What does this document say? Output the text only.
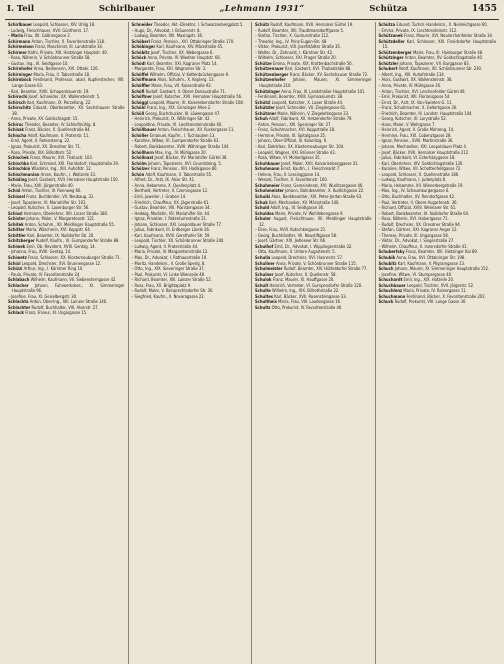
I. Teil	Schirlbauer	„Lehmann 1931“	Schütza	1455

Schirlbauer Leopold, Schlosser, XIV. Uhlig 18.

– Ludwig, Fleischhauer, XVII. Güntherst. 17.

– Maria Frau, XII. Gaßnergasse 2.

Schirmann Anton, Tischler, X. Favoritenstraße 118.

Schirmeisen Franz, Maschinist, III. Landstraße 34.

Schirmer Kathi, Private, XIII. Hietzinger Hauptstr. 40.

– Rosa, Näherin, V. Schönbrunner Straße 58.

– Gustav, Ing., III. Seidlgasse 10.

Schirnhofer Anna, Bedienerin, XVI. Ottakr. 126.

Schirninger Maria, Frau, II. Taborstraße 18.

Schirnböck Ferdinand, Professor, akad. Kupferstecher, VIII. Lange Gasse 63.

– Karl, Beamter, XVIII. Schopenhauerstr. 19.

Schirochi Josef, Schneider, XX. Wallensteinstr. 5.

Schirsch Karl, Kaufmann, IX. Porzellang. 22.

Schirschitz Eduard, Oberbeamter, XV. Sechshauser Straße 38.

– Anna, Private, XV. Goldschlagstr. 15.

Schiruc Theodor, Beamter, IV. Schleifmühlg. 8.

Schisak Franz, Bäcker, X. Quellenstraße 84.

Schischa Adolf, Kaufmann, II. Praterstr. 11.

– Emil, Agent, II. Rotensterng. 22.

– Ignaz, Prokurist, XX. Dresdner Str. 71.

– Rosa, Private, XIX. Billrothstr. 52.

Schischek Franz, Maurer, XVI. Thaliastr. 103.

Schischka Karl, Schmied, XXI. Floridsdorf, Hauptstraße 29.

Schischkin Wladimir, Ing., XIII. Auhofstr. 12.

Schischmanian Arsen, Kaufm., I. Wollzeile 33.

Schisling Josef, Gastwirt, XVII. Hernalser Hauptstraße 150.

– Marie, Frau, XVII. Jörgerstraße 40.

Schisl Anton, Tischler, III. Rennweg 66.

Schissel Franz, Buchbinder, VII. Neubaug. 31.

– Josef, Tapezierer, VI. Mariahilfer Str. 101.

– Leopold, Kutscher, X. Laxenburger Str. 56.

Schissl Hermann, Oberlehrer, XIII. Linzer Straße 180.

Schister Johann, Maler, V. Margaretenstr. 121.

Schitek Anton, Schuhm., XII. Meidlinger Hauptstraße 55.

Schitter Maria, Wäscherin, XVI. Koppstr. 64.

Schittler Karl, Beamter, IX. Nußdorfer Str. 20.

Schitzberger Rudolf, Kaufm., VI. Gumpendorfer Straße 88.

Schiwek Emil, Ob.-Revident, XVIII. Gentzg. 14.

– Johanna, Frau, XVIII. Gentzg. 14.

Schiwetz Franz, Schlosser, XX. Klosterneuburger Straße 71.

Schixl Leopold, Drechsler, XVI. Brunnengasse 12.

Schizzi Arthur, Ing., I. Kärntner Ring 10.

– Paula, Private, IV. Favoritenstraße 24.

Schlabach Wilhelm, Kaufmann, VII. Siebensterngasse 42.

Schlacher Johann, Fuhrwerksbes., XI. Simmeringer Hauptstraße 96.

– Josefine, Frau, XI. Geiselbergstr. 30.

Schlachta Anton, Ober-Ing., XIII. Lainzer Straße 140.

Schlachter Rudolf, Buchhalter, VIII. Alserstr. 27.

Schlack Franz, Friseur, III. Ungargasse 15.

Schneider Theodor, Akt.-Direktor, I. Schwarzenbergplatz 5.

– Hugo, Dr., Advokat, I. Bräunerstr. 8.

– Ludwig, Beamter, XIII. Maxingstr. 36.

Schöberl Franz, Pension., XVI. Ottakringer Straße 170.

Schöbinger Karl, Kaufmann, XIV. Märzstraße 45.

Schöbitz Josef, Tischler, XX. Webergasse 6.

Schöck Anna, Private, IV. Wiedner Hauptstr. 66.

Schödl Karl, Beamter, XXI. Kagraner Platz 14.

– Margarete, Frau, XXI. Wagramer Str. 3.

Schöffel Wilhelm, Offizial, V. Kettenbrückengasse 9.

Schöffmann Alois, Schuhm., X. Keplerg. 13.

Schöffler Marie, Frau, VII. Kaiserstraße 92.

Schöfl Rudolf, Gastwirt, II. Obere Donaustraße 71.

Schöftner Josef, Kutscher, XVII. Hernalser Hauptstraße 56.

Schöggl Leopold, Maurer, XI. Kaiserebersdorfer Straße 108.

Schöhl Franz, Ing., XIX. Grinzinger Allee 2.

Schöll Georg, Buchdrucker, III. Löwengasse 47.

– Heinrich, Prokurist, IX. Währinger Str. 42.

– Leopoldine, Private, IX. Liechtensteinstraße 60.

Schöllbauer Anton, Fleischhauer, XII. Ruckergasse 11.

Schöller Emanuel, Kaufm., I. Tuchlauben 13.

– Karoline, Witwe, VI. Gumpendorfer Straße 63.

– Robert, Bankbeamter, XVIII. Währinger Straße 144.

Schöllhorn Max, Ing., IV. Mühlgasse 20.

Schöllnast Josef, Bäcker, XV. Mariahilfer Gürtel 38.

Schölm Johann, Tapezierer, XVI. Grundsteing. 5.

Schölzer Franz, Pension., XIII. Hadikgasse 80.

Schön Adolf, Kaufmann, II. Taborstraße 55.

– Alfred, Dr., Arzt, IX. Alser Str. 41.

– Anna, Hebamme, X. Quellenplatz 4.

– Berthold, Vertreter, II. Czerningasse 12.

– Emil, Juwelier, I. Graben 14.

– Friedrich, Chauffeur, XX. Jägerstraße 61.

– Gustav, Beamter, VIII. Piaristengasse 34.

– Hedwig, Modistin, VII. Mariahilfer Str. 44.

– Ignaz, Privatier, I. Rotenturmstraße 21.

– Johann, Schlosser, XXI. Leopoldauer Straße 77.

– Julius, Fabrikant, III. Erdberger Lände 26.

– Karl, Kaufmann, XVIII. Gersthofer Str. 59.

– Leopold, Tischler, XII. Schönbrunner Straße 240.

– Ludwig, Agent, II. Praterstraße 44.

– Maria, Private, IV. Margaretenstraße 12.

– Max, Dr., Advokat, I. Rathausstraße 19.

– Moritz, Handelsm., II. Große Sperlg. 8.

– Otto, Ing., XIX. Sieveringer Straße 37.

– Paul, Prokurist, VI. Linke Wienzeile 48.

– Richard, Beamter, XIII. Lainzer Straße 52.

– Rosa, Frau, XX. Brigittaplatz 9.

– Rudolf, Maler, V. Reinprechtsdorfer Str. 30.

– Siegfried, Kaufm., II. Novaragasse 22.

Schütz Rudolf, Kaufmann, XVII. Hernalser Gürtel 19.

– Rudolf, Beamter, XIII. Trauttmansdorffgasse 5.

– Stefan, Tischler, X. Gudrunstraße 112.

– Theodor, Ing., IV. Prinz-Eugen-Str. 48.

– Viktor, Prokurist, VIII. Josefstädter Straße 35.

– Walter, Dr., Zahnarzt, I. Kärntner Str. 42.

– Wilhelm, Schlosser, XXI. Prager Straße 20.

Schütze Emma, Private, XIX. Krottenbachstraße 56.

Schützenauer Karl, Gastwirt, XVI. Thaliastraße 88.

Schützenberger Franz, Bäcker, XV. Sechshauser Straße 72.

Schützenhofer Johann, Maurer, XI. Simmeringer Hauptstraße 210.

Schützinger Anna, Frau, III. Landstraßer Hauptstraße 101.

– Ferdinand, Beamter, XVIII. Gymnasiumstr. 38.

Schützl Leopold, Kutscher, X. Laaer Straße 44.

Schützler Josef, Schneider, VII. Zieglergasse 61.

Schützner Marie, Näherin, V. Ziegelofengasse 23.

Schuh Adolf, Fabrikant, XII. Hetzendorfer Straße 79.

– Anton, Pension., XIII. Speisinger Str. 27.

– Franz, Schuhmacher, XVI. Koppstraße 18.

– Hermine, Private, IX. Spitalgasse 25.

– Johann, Ober-Offizial, III. Kolonitzg. 6.

– Karl, Elektriker, XX. Klosterneuburger Str. 104.

– Leopold, Wagner, XXI. Brünner Straße 43.

– Rosa, Witwe, VI. Mollardgasse 35.

Schuhbauer Josef, Maler, XVII. Kalvarienberggasse 31.

Schuhmann Ernst, Kaufm., I. Fleischmarkt 7.

– Helene, Frau, II. Lessinggasse 14.

– Wenzel, Tischler, X. Favoritenstr. 160.

Schuhmeier Franz, Gemeinderat, XVI. Wurlitzergasse 46.

Schuhmeister Johann, Bahnbeamter, X. Kudlichgasse 22.

Schuiki Alois, Bankbeamter, XIX. Peter-Jordan-Straße 63.

Schuk Karl, Mechaniker, XV. Märzstraße 140.

Schuld Adolf, Ing., III. Seidlgasse 36.

Schuldes Marie, Private, IV. Wohllebengasse 9.

Schuler August, Fleischhauer, XII. Meidlinger Hauptstraße 12.

– Elise, Frau, XVIII. Kutschkergasse 21.

– Georg, Buchhändler, VII. Neustiftgasse 58.

– Josef, Gärtner, XXI. Jedleseer Str. 66.

Schulhof Emil, Dr., Advokat, I. Wipplingerstraße 32.

– Otto, Kaufmann, II. Untere Augartenstr. 5.

Schulla Leopold, Drechsler, XVI. Hasnerstr. 57.

Schullner Anna, Private, V. Schönbrunner Straße 115.

Schulmeister Rudolf, Beamter, XIV. Hütteldorfer Straße 77.

Schulner Josef, Kutscher, X. Quellenstr. 58.

Schulok Franz, Maurer, XI. Hauffgasse 20.

Schult Heinrich, Vertreter, VI. Gumpendorfer Straße 120.

Schulte Wilhelm, Ing., XIX. Billrothstraße 22.

Schultes Karl, Bäcker, XVII. Rosensteingasse 33.

Schultheis Maria, Frau, VIII. Laudongasse 16.

Schultz Otto, Prokurist, IV. Favoritenstraße 40.

Schütza Eduard, Tuchdr.-Handelsm., X. Neilreichgasse 60.

– Emma, Private, IX. Liechtensteinstr. 112.

Schützanek Franz, Maurer, XVI. Neulerchenfelder Straße 34.

Schützdeller Karl, Schlosser, XXI. Floridsdorfer Hauptstraße 15.

Schützenberger Marie, Frau, III. Hainburger Straße 48.

Schützinger Anton, Beamter, XV. Goldschlagstraße 40.

Schützler Johann, Tapezierer, VII. Burggasse 83.

Schubert Adolf, Kaufmann, XII. Schönbrunner Str. 230.

– Albert, Ing., XIII. Auhofstraße 134.

– Alois, Gastwirt, XX. Wallensteinstr. 38.

– Anna, Private, IV. Mühlgasse 26.

– Anton, Tischler, XVI. Lerchenfelder Gürtel 49.

– Emil, Prokurist, VIII. Florianigasse 54.

– Ernst, Dr., Arzt, IX. Van-Swieten-G. 11.

– Franz, Schuhmacher, X. Gellertgasse 30.

– Friedrich, Beamter, III. Landstr. Hauptstraße 144.

– Georg, Kutscher, XI. Lorystraße 52.

– Hans, Maler, V. Wehrgasse 7.

– Heinrich, Agent, II. Große Mohreng. 14.

– Hermine, Frau, XIX. Cobenzlgasse 28.

– Ignaz, Pension., XVIII. Martinstraße 36.

– Johann, Mechaniker, XXI. Leopoldauer Platz 4.

– Josef, Bäcker, XVII. Hernalser Hauptstraße 212.

– Julius, Fabrikant, VI. Esterházygasse 18.

– Karl, Oberlehrer, XIV. Goldschlagstraße 130.

– Karoline, Witwe, VII. Schottenfeldgasse 72.

– Leopold, Schlosser, X. Quellenstraße 186.

– Ludwig, Kaufmann, I. Judenplatz 8.

– Maria, Hebamme, XII. Wienerbergstraße 19.

– Max, Ing., IV. Schaumburgergasse 6.

– Otto, Buchhalter, XV. Reindorfgasse 42.

– Paul, Vertreter, II. Obere Augartenstr. 36.

– Richard, Offizial, XVIII. Weimarer Str. 61.

– Robert, Bankbeamter, IX. Nußdorfer Straße 64.

– Rosa, Näherin, XVI. Haberlgasse 71.

– Rudolf, Drechsler, XX. Dresdner Straße 94.

– Stefan, Gärtner, XXI. Kagraner Anger 12.

– Therese, Private, III. Ungargasse 58.

– Viktor, Dr., Advokat, I. Singerstraße 27.

– Wilhelm, Chauffeur, X. Inzersdorfer Straße 41.

Schubertsky Franz, Beamter, XIII. Hietzinger Kai 89.

Schubik Anna, Frau, XVI. Ottakringer Str. 198.

Schubitz Karl, Kaufmann, V. Pilgramgasse 13.

Schuch Johann, Maurer, XI. Simmeringer Hauptstraße 152.

– Josefine, Witwe, VI. Stumpergasse 40.

Schuchardt Emil, Ing., XIX. Hofzeile 20.

Schuchbauer Leopold, Tischler, XVII. Jörgerstr. 52.

Schuchlenz Maria, Private, IV. Rainergasse 11.

Schuchmann Ferdinand, Bäcker, X. Favoritenstraße 202.

Schuck Rudolf, Prokurist, VIII. Lange Gasse 30.
